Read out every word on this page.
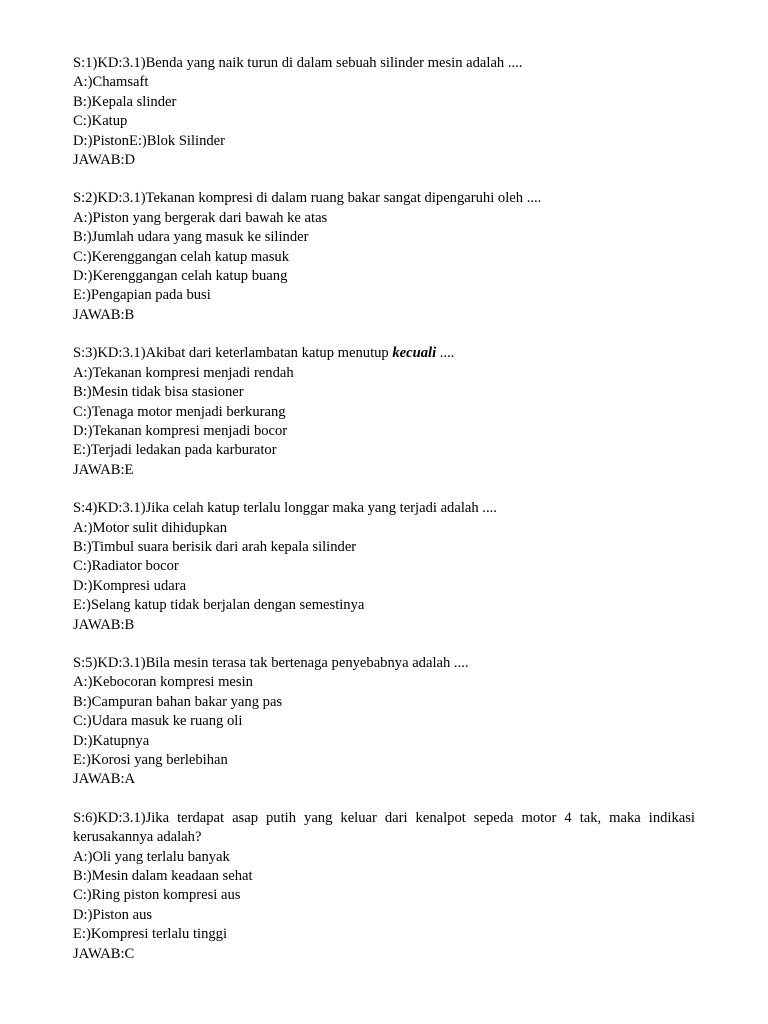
S:1)KD:3.1)Benda yang naik turun di dalam sebuah silinder mesin adalah ....

A:)Chamsaft

B:)Kepala slinder

C:)Katup

D:)PistonE:)Blok Silinder

JAWAB:D

S:2)KD:3.1)Tekanan kompresi di dalam ruang bakar sangat dipengaruhi oleh ....

A:)Piston yang bergerak dari bawah ke atas

B:)Jumlah udara yang masuk ke silinder

C:)Kerenggangan celah katup masuk

D:)Kerenggangan celah katup buang

E:)Pengapian pada busi

JAWAB:B

S:3)KD:3.1)Akibat dari keterlambatan katup menutup kecuali ....

A:)Tekanan kompresi menjadi rendah

B:)Mesin tidak bisa stasioner

C:)Tenaga motor menjadi berkurang

D:)Tekanan kompresi menjadi bocor

E:)Terjadi ledakan pada karburator

JAWAB:E

S:4)KD:3.1)Jika celah katup terlalu longgar maka yang terjadi adalah ....

A:)Motor sulit dihidupkan

B:)Timbul suara berisik dari arah kepala silinder

C:)Radiator bocor

D:)Kompresi udara

E:)Selang katup tidak berjalan dengan semestinya

JAWAB:B

S:5)KD:3.1)Bila mesin terasa tak bertenaga penyebabnya adalah ....

A:)Kebocoran kompresi mesin

B:)Campuran bahan bakar yang pas

C:)Udara masuk ke ruang oli

D:)Katupnya

E:)Korosi yang berlebihan

JAWAB:A

S:6)KD:3.1)Jika terdapat asap putih yang keluar dari kenalpot sepeda motor 4 tak, maka indikasi kerusakannya adalah?

A:)Oli yang terlalu banyak

B:)Mesin dalam keadaan sehat

C:)Ring piston kompresi aus

D:)Piston aus

E:)Kompresi terlalu tinggi

JAWAB:C
